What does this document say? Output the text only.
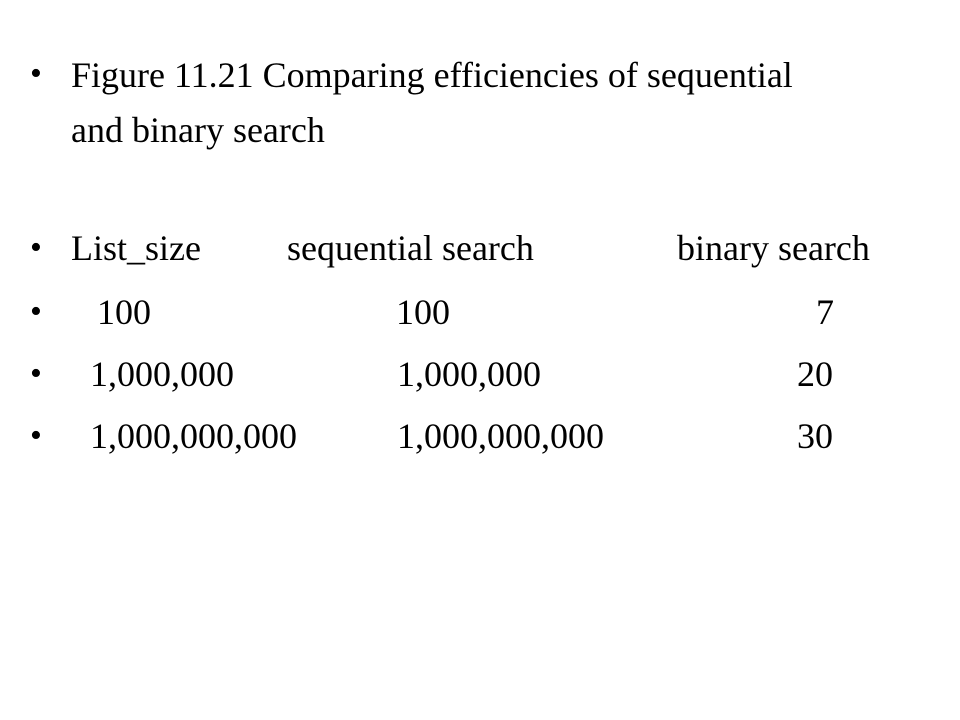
• Figure 11.21 Comparing efficiencies of sequential
and binary search
• List_size sequential search	binary search
• 100	100	7
• 1,000,000	1,000,000	20
• 1,000,000,000	1,000,000,000	30
